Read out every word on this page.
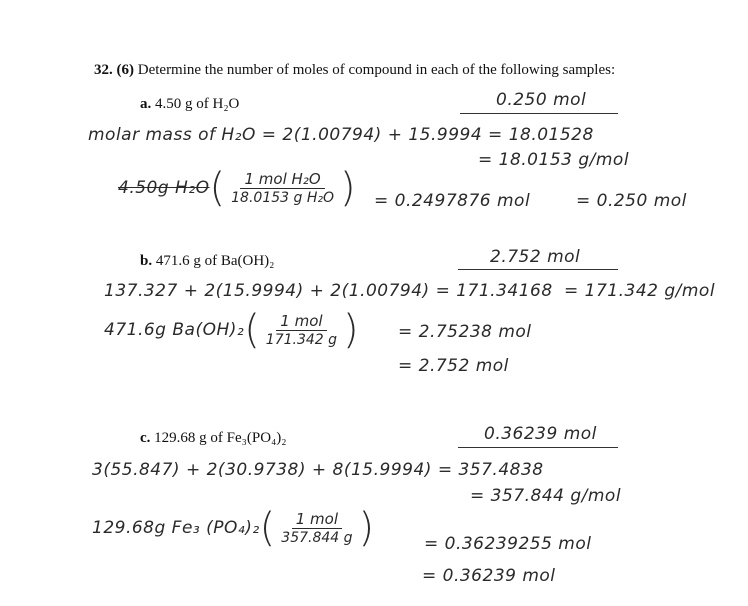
32. (6) Determine the number of moles of compound in each of the following samples:
a. 4.50 g of H₂O	0.250 mol
molar mass of H₂O = 2(1.00794) + 15.9994 = 18.01528
= 18.0153 g/mol
4.50g H₂O ( $\frac{\text{1 mol H₂O}}{\text{18.0153 g H₂O}}$ ) = 0.2497876 mol	= 0.250 mol
b. 471.6 g of Ba(OH)₂	2.752 mol
137.327 + 2(15.9994) + 2(1.00794) = 171.34168 = 171.342 g/mol
471.6g Ba(OH)₂ ( $\frac{\text{1 mol}}{171.342 g}$ ) = 2.75238 mol
= 2.752 mol
c. 129.68 g of Fe₃(PO₄)₂	0.36239 mol
3(55.847) + 2(30.9738) + 8(15.9994) = 357.4838
= 357.844 g/mol
129.68g Fe₃ (PO₄)₂ ( $\frac{\text{1 mol}}{357.844 g}$ )	= 0.36239255 mol
= 0.36239 mol
